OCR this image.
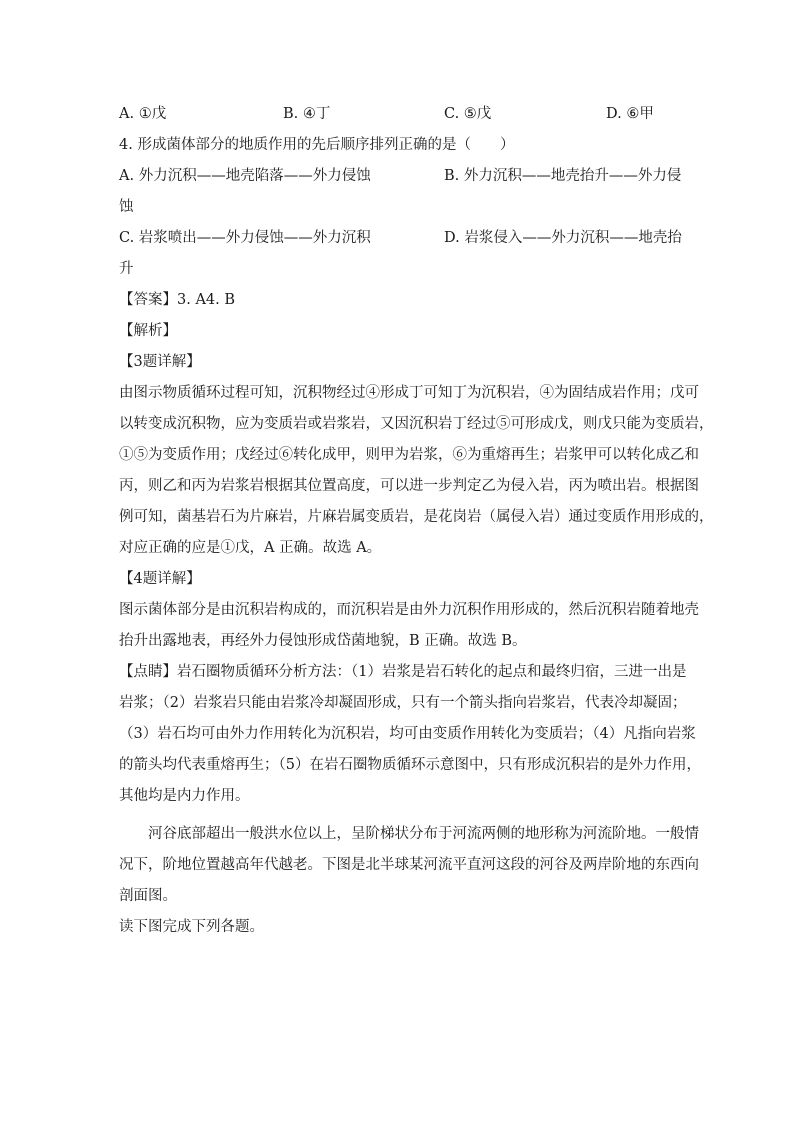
A. ①戊	B. ④丁	C. ⑤戊	D. ⑥甲
4. 形成菌体部分的地质作用的先后顺序排列正确的是（　　）
A. 外力沉积——地壳陷落——外力侵蚀	B. 外力沉积——地壳抬升——外力侵
蚀
C. 岩浆喷出——外力侵蚀——外力沉积	D. 岩浆侵入——外力沉积——地壳抬
升
【答案】3. A4. B
【解析】
【3题详解】
由图示物质循环过程可知，沉积物经过④形成丁可知丁为沉积岩，④为固结成岩作用；戊可
以转变成沉积物，应为变质岩或岩浆岩，又因沉积岩丁经过⑤可形成戊，则戊只能为变质岩，
①⑤为变质作用；戊经过⑥转化成甲，则甲为岩浆，⑥为重熔再生；岩浆甲可以转化成乙和
丙，则乙和丙为岩浆岩根据其位置高度，可以进一步判定乙为侵入岩，丙为喷出岩。根据图
例可知，菌基岩石为片麻岩，片麻岩属变质岩，是花岗岩（属侵入岩）通过变质作用形成的，
对应正确的应是①戊，A 正确。故选 A。
【4题详解】
图示菌体部分是由沉积岩构成的，而沉积岩是由外力沉积作用形成的，然后沉积岩随着地壳
抬升出露地表，再经外力侵蚀形成岱菌地貌，B 正确。故选 B。
【点睛】岩石圈物质循环分析方法：（1）岩浆是岩石转化的起点和最终归宿，三进一出是
岩浆；（2）岩浆岩只能由岩浆冷却凝固形成，只有一个箭头指向岩浆岩，代表冷却凝固；
（3）岩石均可由外力作用转化为沉积岩，均可由变质作用转化为变质岩；（4）凡指向岩浆
的箭头均代表重熔再生；（5）在岩石圈物质循环示意图中，只有形成沉积岩的是外力作用，
其他均是内力作用。
　　河谷底部超出一般洪水位以上，呈阶梯状分布于河流两侧的地形称为河流阶地。一般情
况下，阶地位置越高年代越老。下图是北半球某河流平直河这段的河谷及两岸阶地的东西向
剖面图。
读下图完成下列各题。
